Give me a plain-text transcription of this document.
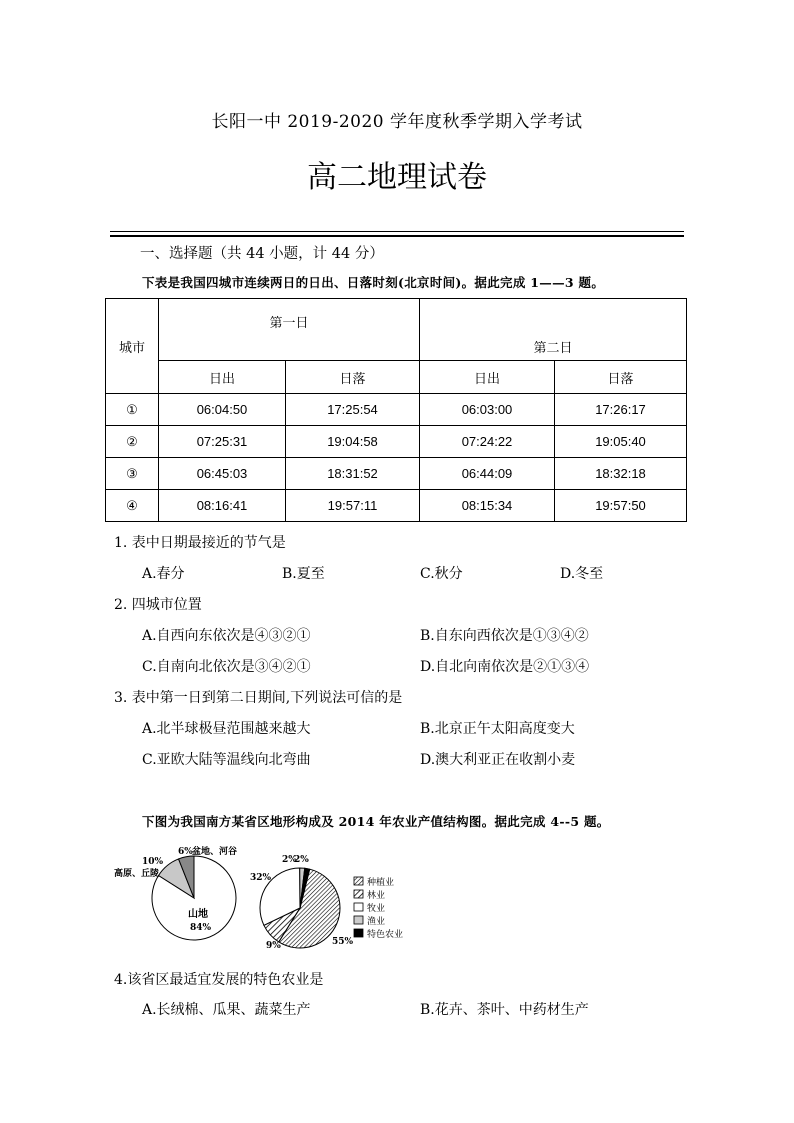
长阳一中 2019-2020 学年度秋季学期入学考试
高二地理试卷
一、选择题（共 44 小题，计 44 分）
下表是我国四城市连续两日的日出、日落时刻(北京时间)。据此完成 1——3 题。
城市	第一日		第二日	

	日出	日落	日出	日落
①	06:04:50	17:25:54	06:03:00	17:26:17
②	07:25:31	19:04:58	07:24:22	19:05:40
③	06:45:03	18:31:52	06:44:09	18:32:18
④	08:16:41	19:57:11	08:15:34	19:57:50
1. 表中日期最接近的节气是
A.春分	B.夏至	C.秋分	D.冬至
2. 四城市位置
A.自西向东依次是④③②①	B.自东向西依次是①③④②
C.自南向北依次是③④②①	D.自北向南依次是②①③④
3. 表中第一日到第二日期间,下列说法可信的是
A.北半球极昼范围越来越大	B.北京正午太阳高度变大
C.亚欧大陆等温线向北弯曲	D.澳大利亚正在收割小麦
下图为我国南方某省区地形构成及 2014 年农业产值结构图。据此完成 4--5 题。
6% 盆地、河谷
10%
高原、丘陵
山地
84%
2%
2%
32%
9%	55%
种植业
林业
牧业
渔业
特色农业
4.该省区最适宜发展的特色农业是
A.长绒棉、瓜果、蔬菜生产	B.花卉、茶叶、中药材生产
